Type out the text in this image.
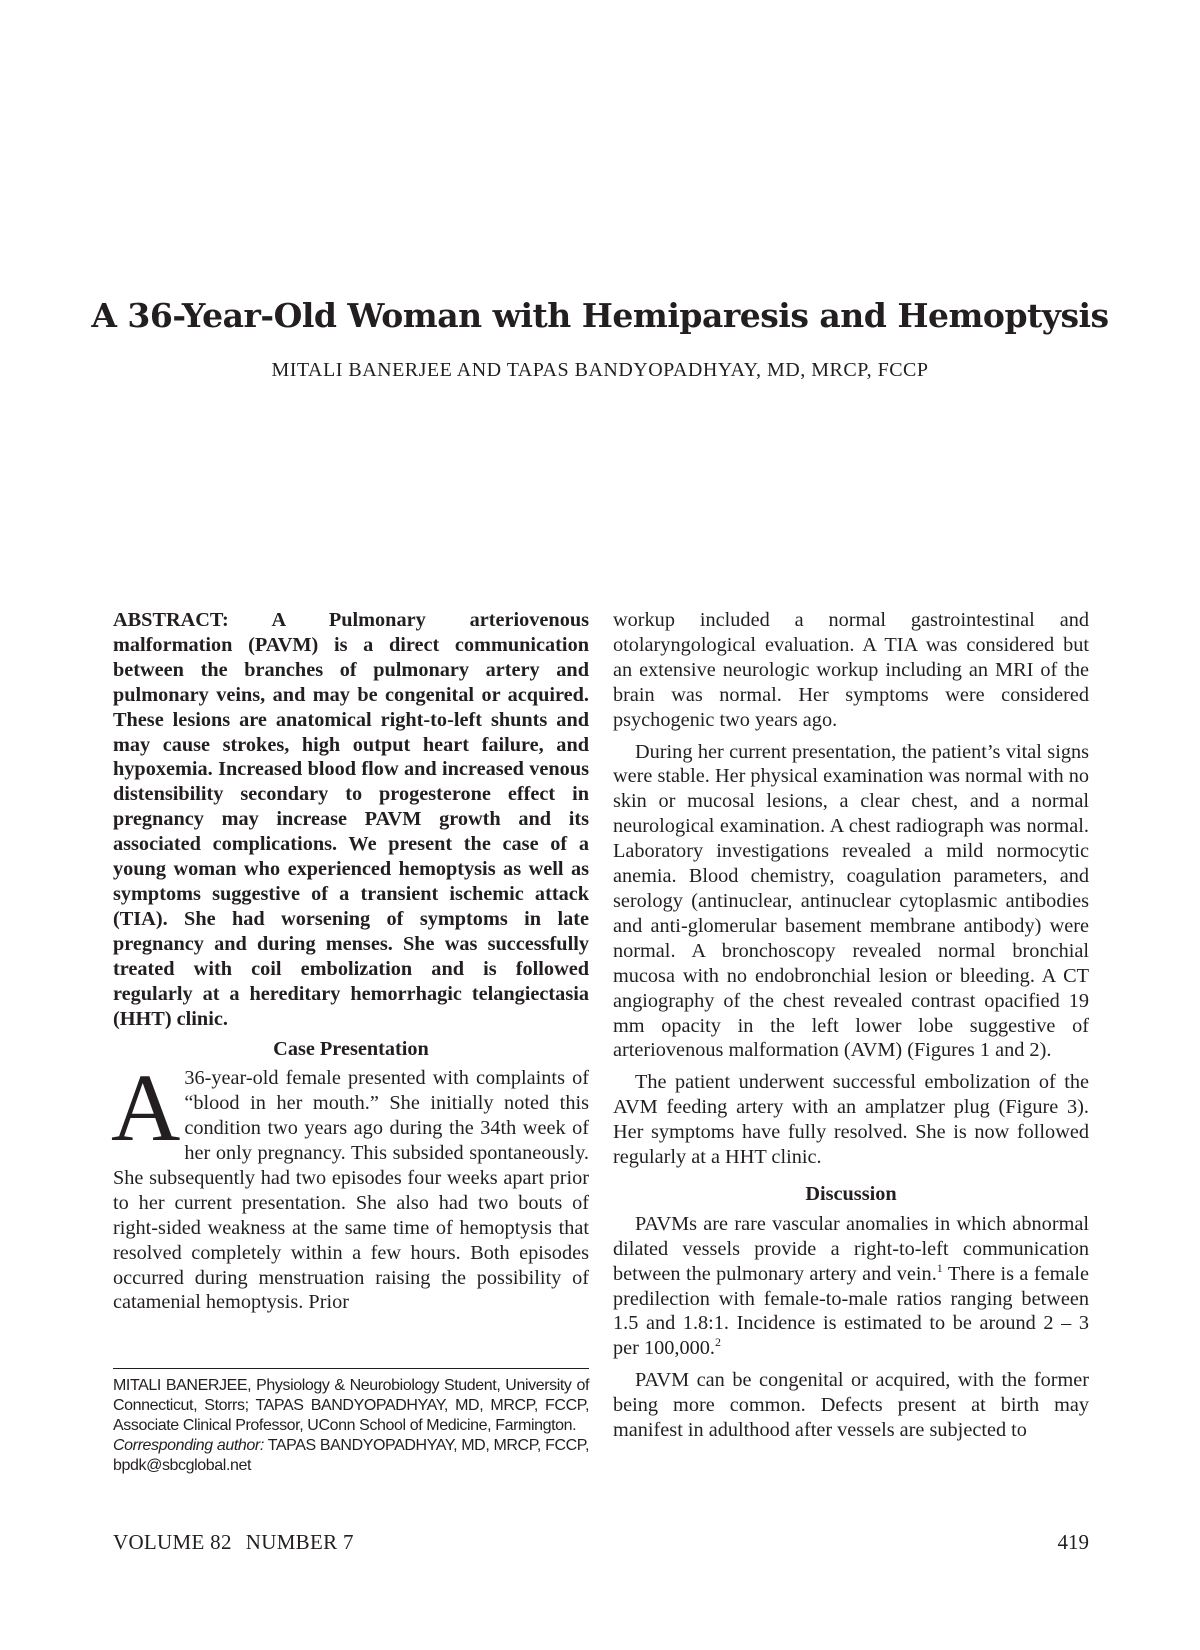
A 36-Year-Old Woman with Hemiparesis and Hemoptysis
MITALI BANERJEE AND TAPAS BANDYOPADHYAY, MD, MRCP, FCCP

ABSTRACT: A Pulmonary arteriovenous malformation (PAVM) is a direct communication between the branches of pulmonary artery and pulmonary veins, and may be congenital or acquired. These lesions are anatomical right-to-left shunts and may cause strokes, high output heart failure, and hypoxemia. Increased blood flow and increased venous distensibility secondary to progesterone effect in pregnancy may increase PAVM growth and its associated complications. We present the case of a young woman who experienced hemoptysis as well as symptoms suggestive of a transient ischemic attack (TIA). She had worsening of symptoms in late pregnancy and during menses. She was successfully treated with coil embolization and is followed regularly at a hereditary hemorrhagic telangiectasia (HHT) clinic.

Case Presentation

A 36-year-old female presented with complaints of “blood in her mouth.” She initially noted this condition two years ago during the 34th week of her only pregnancy. This subsided spontaneously. She subsequently had two episodes four weeks apart prior to her current presentation. She also had two bouts of right-sided weakness at the same time of hemoptysis that resolved completely within a few hours. Both episodes occurred during menstruation raising the possibility of catamenial hemoptysis. Prior

workup included a normal gastrointestinal and otolaryngological evaluation. A TIA was considered but an extensive neurologic workup including an MRI of the brain was normal. Her symptoms were considered psychogenic two years ago.

During her current presentation, the patient’s vital signs were stable. Her physical examination was normal with no skin or mucosal lesions, a clear chest, and a normal neurological examination. A chest radiograph was normal. Laboratory investigations revealed a mild normocytic anemia. Blood chemistry, coagulation parameters, and serology (antinuclear, antinuclear cytoplasmic antibodies and anti-glomerular basement membrane antibody) were normal. A bronchoscopy revealed normal bronchial mucosa with no endobronchial lesion or bleeding. A CT angiography of the chest revealed contrast opacified 19 mm opacity in the left lower lobe suggestive of arteriovenous malformation (AVM) (Figures 1 and 2).

The patient underwent successful embolization of the AVM feeding artery with an amplatzer plug (Figure 3). Her symptoms have fully resolved. She is now followed regularly at a HHT clinic.

Discussion

PAVMs are rare vascular anomalies in which abnormal dilated vessels provide a right-to-left communication between the pulmonary artery and vein.$^1$ There is a female predilection with female-to-male ratios ranging between 1.5 and 1.8:1. Incidence is estimated to be around 2 – 3 per 100,000.$^2$

PAVM can be congenital or acquired, with the former being more common. Defects present at birth may manifest in adulthood after vessels are subjected to

MITALI BANERJEE, Physiology & Neurobiology Student, University of Connecticut, Storrs; TAPAS BANDYOPADHYAY, MD, MRCP, FCCP, Associate Clinical Professor, UConn School of Medicine, Farmington.

Corresponding author: TAPAS BANDYOPADHYAY, MD, MRCP, FCCP, bpdk@sbcglobal.net

VOLUME 82 NUMBER 7	419
